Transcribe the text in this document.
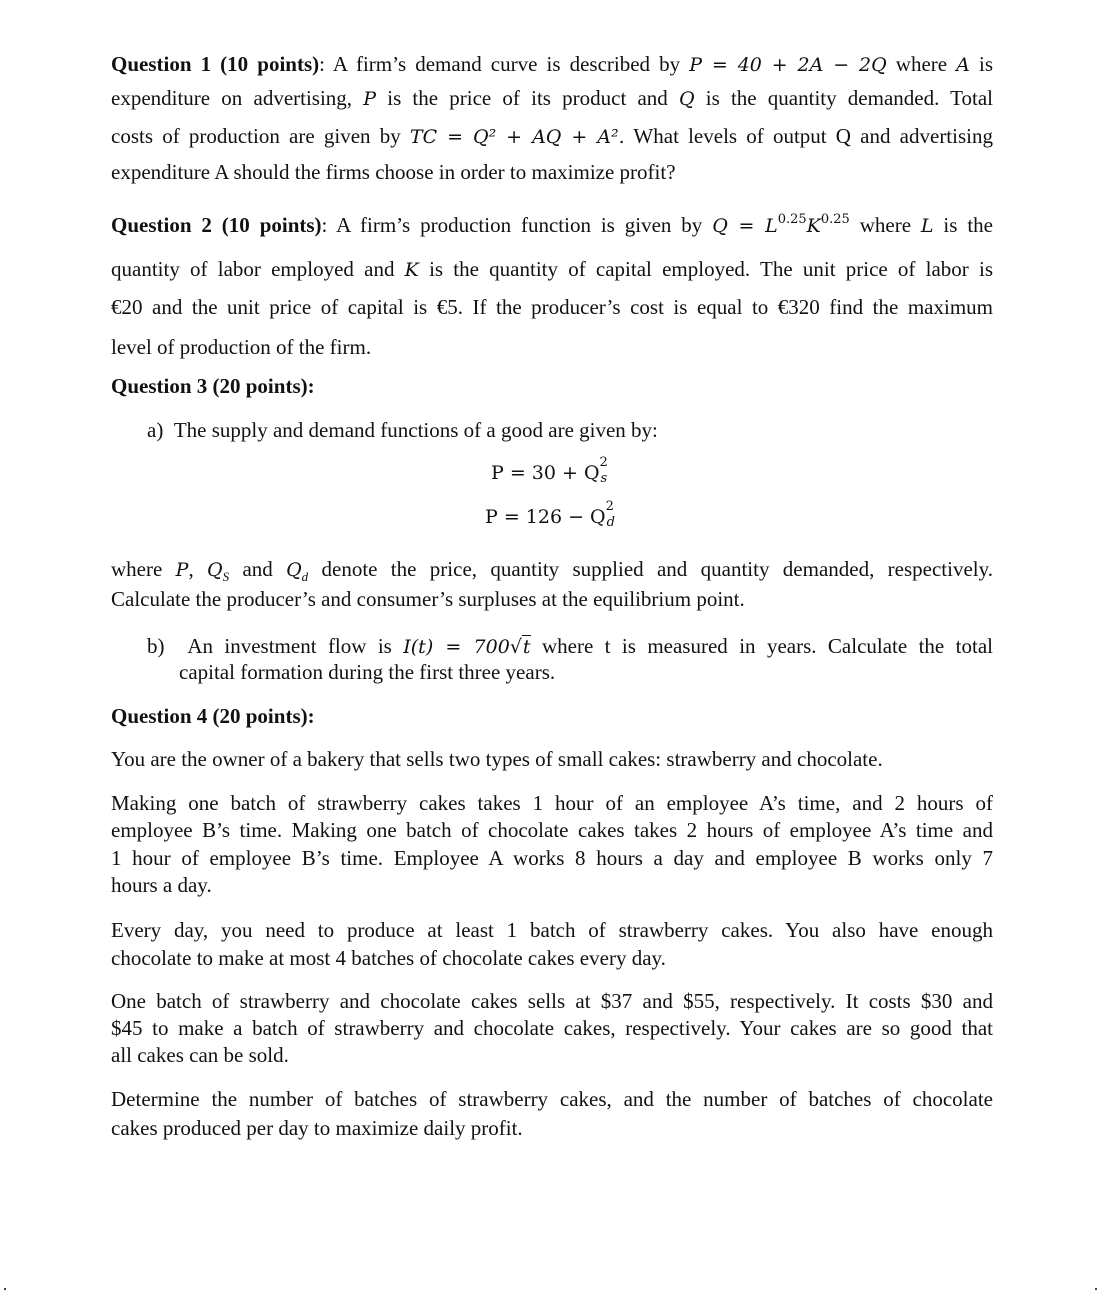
Question 1 (10 points): A firm’s demand curve is described by P = 40 + 2A − 2Q where A is
expenditure on advertising, P is the price of its product and Q is the quantity demanded. Total
costs of production are given by TC = Q² + AQ + A². What levels of output Q and advertising
expenditure A should the firms choose in order to maximize profit?
Question 2 (10 points): A firm’s production function is given by $Q = L^{0.25}K^{0.25}$ where L is the
quantity of labor employed and K is the quantity of capital employed. The unit price of labor is
€20 and the unit price of capital is €5. If the producer’s cost is equal to €320 find the maximum
level of production of the firm.
Question 3 (20 points):
a) The supply and demand functions of a good are given by:
P = 30 + Q 2
s
P = 126 − Q 2
d
where P, $Q_S$ and $Q_d$ denote the price, quantity supplied and quantity demanded, respectively.
Calculate the producer’s and consumer’s surpluses at the equilibrium point.
b) An investment flow is I(t) = 700√t where t is measured in years. Calculate the total
capital formation during the first three years.
Question 4 (20 points):
You are the owner of a bakery that sells two types of small cakes: strawberry and chocolate.
Making one batch of strawberry cakes takes 1 hour of an employee A’s time, and 2 hours of
employee B’s time. Making one batch of chocolate cakes takes 2 hours of employee A’s time and
1 hour of employee B’s time. Employee A works 8 hours a day and employee B works only 7
hours a day.
Every day, you need to produce at least 1 batch of strawberry cakes. You also have enough
chocolate to make at most 4 batches of chocolate cakes every day.
One batch of strawberry and chocolate cakes sells at $37 and $55, respectively. It costs $30 and
$45 to make a batch of strawberry and chocolate cakes, respectively. Your cakes are so good that
all cakes can be sold.
Determine the number of batches of strawberry cakes, and the number of batches of chocolate
cakes produced per day to maximize daily profit.
